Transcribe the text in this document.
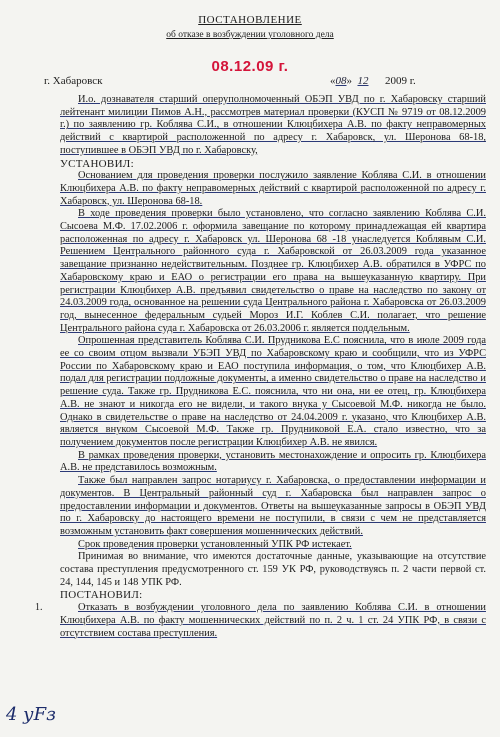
ПОСТАНОВЛЕНИЕ
об отказе в возбуждении уголовного дела
08.12.09 г.
г. Хабаровск	«08»  12 2009 г.

И.о. дознавателя старший оперуполномоченный ОБЭП УВД по г. Хабаровску старший лейтенант милиции Пимов А.Н., рассмотрев материал проверки (КУСП № 9719 от 08.12.2009 г.) по заявлению гр. Коблява С.И., в отношении Клюцбихера А.В. по факту неправомерных действий с квартирой расположенной по адресу г. Хабаровск, ул. Шеронова 68-18, поступившее в ОБЭП УВД по г. Хабаровску,

УСТАНОВИЛ:

Основанием для проведения проверки послужило заявление Коблява С.И. в отношении Клюцбихера А.В. по факту неправомерных действий с квартирой расположенной по адресу г. Хабаровск, ул. Шеронова 68-18.

В ходе проведения проверки было установлено, что согласно заявлению Коблява С.И. Сысоева М.Ф. 17.02.2006 г. оформила завещание по которому принадлежащая ей квартира расположенная по адресу г. Хабаровск ул. Шеронова 68 -18 унаследуется Коблявым С.И. Решением Центрального районного суда г. Хабаровской от 26.03.2009 года указанное завещание признанно недействительным. Позднее гр. Клюцбихер А.В. обратился в УФРС по Хабаровскому краю и ЕАО о регистрации его права на вышеуказанную квартиру. При регистрации Клюцбихер А.В. предъявил свидетельство о праве на наследство по закону от 24.03.2009 года, основанное на решении суда Центрального района г. Хабаровска от 26.03.2009 год, вынесенное федеральным судьей Мороз И.Г. Коблев С.И. полагает, что решение Центрального района суда г. Хабаровска от 26.03.2006 г. является поддельным.

Опрошенная представитель Коблява С.И. Прудникова Е.С пояснила, что в июле 2009 года ее со своим отцом вызвали УБЭП УВД по Хабаровскому краю и сообщили, что из УФРС России по Хабаровскому краю и ЕАО поступила информация, о том, что Клюцбихер А.В. подал для регистрации подложные документы, а именно свидетельство о праве на наследство и решение суда. Также гр. Прудникова Е.С. пояснила, что ни она, ни ее отец, гр. Клюцбихера А.В. не знают и никогда его не видели, и такого внука у Сысоевой М.Ф. никогда не было. Однако в свидетельстве о праве на наследство от 24.04.2009 г. указано, что Клюцбихер А.В. является внуком Сысоевой М.Ф. Также гр. Прудниковой Е.А. стало известно, что за получением документов после регистрации Клюцбихер А.В. не явился.

В рамках проведения проверки, установить местонахождение и опросить гр. Клюцбихера А.В. не представилось возможным.

Также был направлен запрос нотариусу г. Хабаровска, о предоставлении информации и документов. В Центральный районный суд г. Хабаровска был направлен запрос о предоставлении информации и документов. Ответы на вышеуказанные запросы в ОБЭП УВД по г. Хабаровску до настоящего времени не поступили, в связи с чем не представляется возможным установить факт совершения мошеннических действий.

Срок проведения проверки установленный УПК РФ истекает.

Принимая во внимание, что имеются достаточные данные, указывающие на отсутствие состава преступления предусмотренного ст. 159 УК РФ, руководствуясь п. 2 части первой ст. 24, 144, 145 и 148 УПК РФ.

ПОСТАНОВИЛ:

1.	Отказать в возбуждении уголовного дела по заявлению Коблява С.И. в отношении Клюцбихера А.В. по факту мошеннических действий по п. 2 ч. 1 ст. 24 УПК РФ, в связи с отсутствием состава преступления.

4 уFз
